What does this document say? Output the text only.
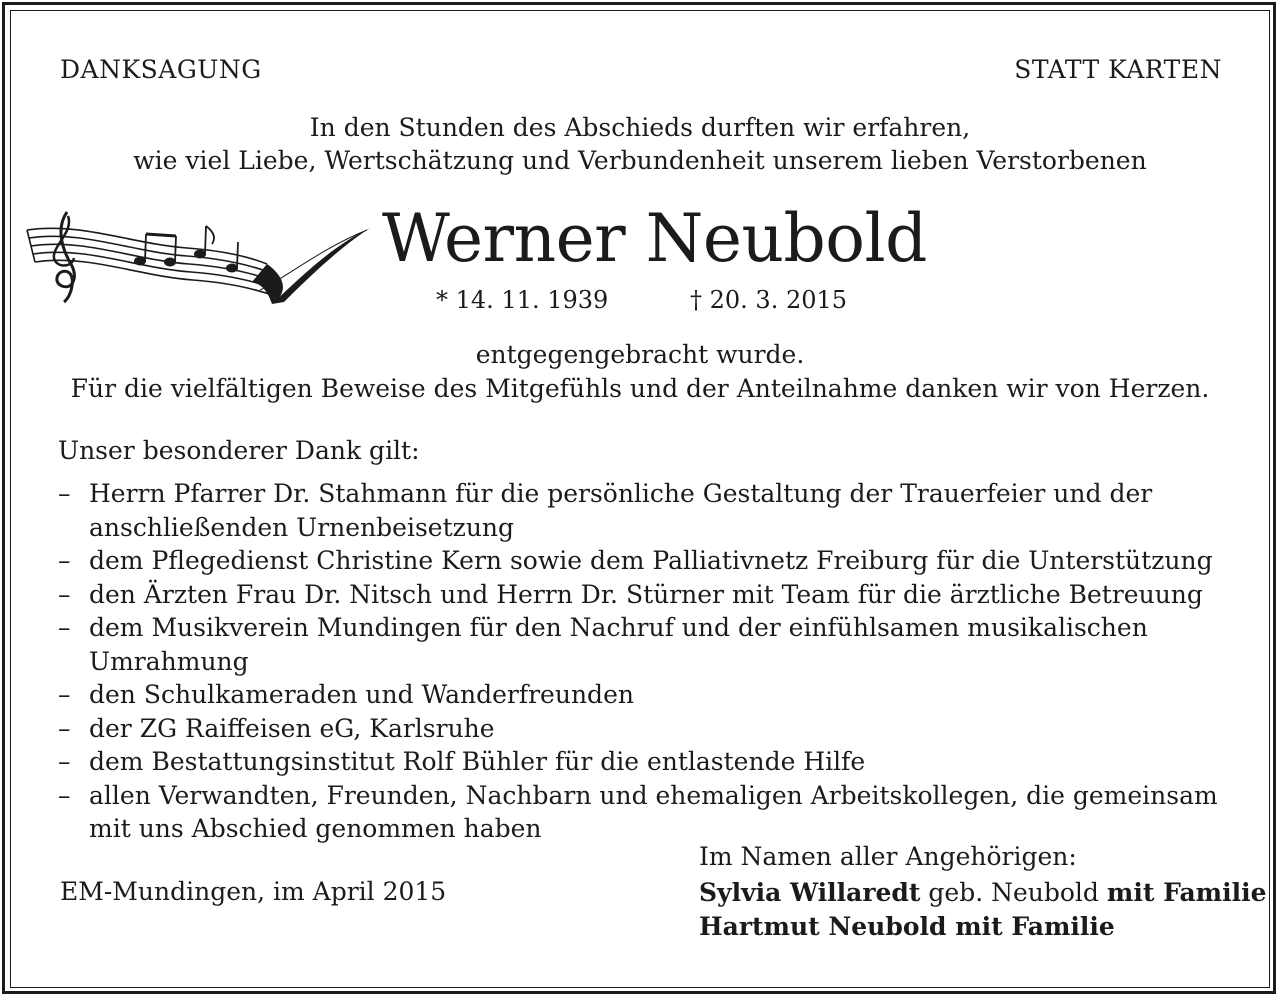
DANKSAGUNG	STATT KARTEN
In den Stunden des Abschieds durften wir erfahren,
wie viel Liebe, Wertschätzung und Verbundenheit unserem lieben Verstorbenen
Werner Neubold
* 14. 11. 1939	† 20. 3. 2015
entgegengebracht wurde.
Für die vielfältigen Beweise des Mitgefühls und der Anteilnahme danken wir von Herzen.
Unser besonderer Dank gilt:
– Herrn Pfarrer Dr. Stahmann für die persönliche Gestaltung der Trauerfeier und der anschließenden Urnenbeisetzung
– dem Pflegedienst Christine Kern sowie dem Palliativnetz Freiburg für die Unterstützung
– den Ärzten Frau Dr. Nitsch und Herrn Dr. Stürner mit Team für die ärztliche Betreuung
– dem Musikverein Mundingen für den Nachruf und der einfühlsamen musikalischen Umrahmung
– den Schulkameraden und Wanderfreunden
– der ZG Raiffeisen eG, Karlsruhe
– dem Bestattungsinstitut Rolf Bühler für die entlastende Hilfe
– allen Verwandten, Freunden, Nachbarn und ehemaligen Arbeitskollegen, die gemeinsam mit uns Abschied genommen haben
EM-Mundingen, im April 2015
Im Namen aller Angehörigen:
Sylvia Willaredt geb. Neubold mit Familie
Hartmut Neubold mit Familie
